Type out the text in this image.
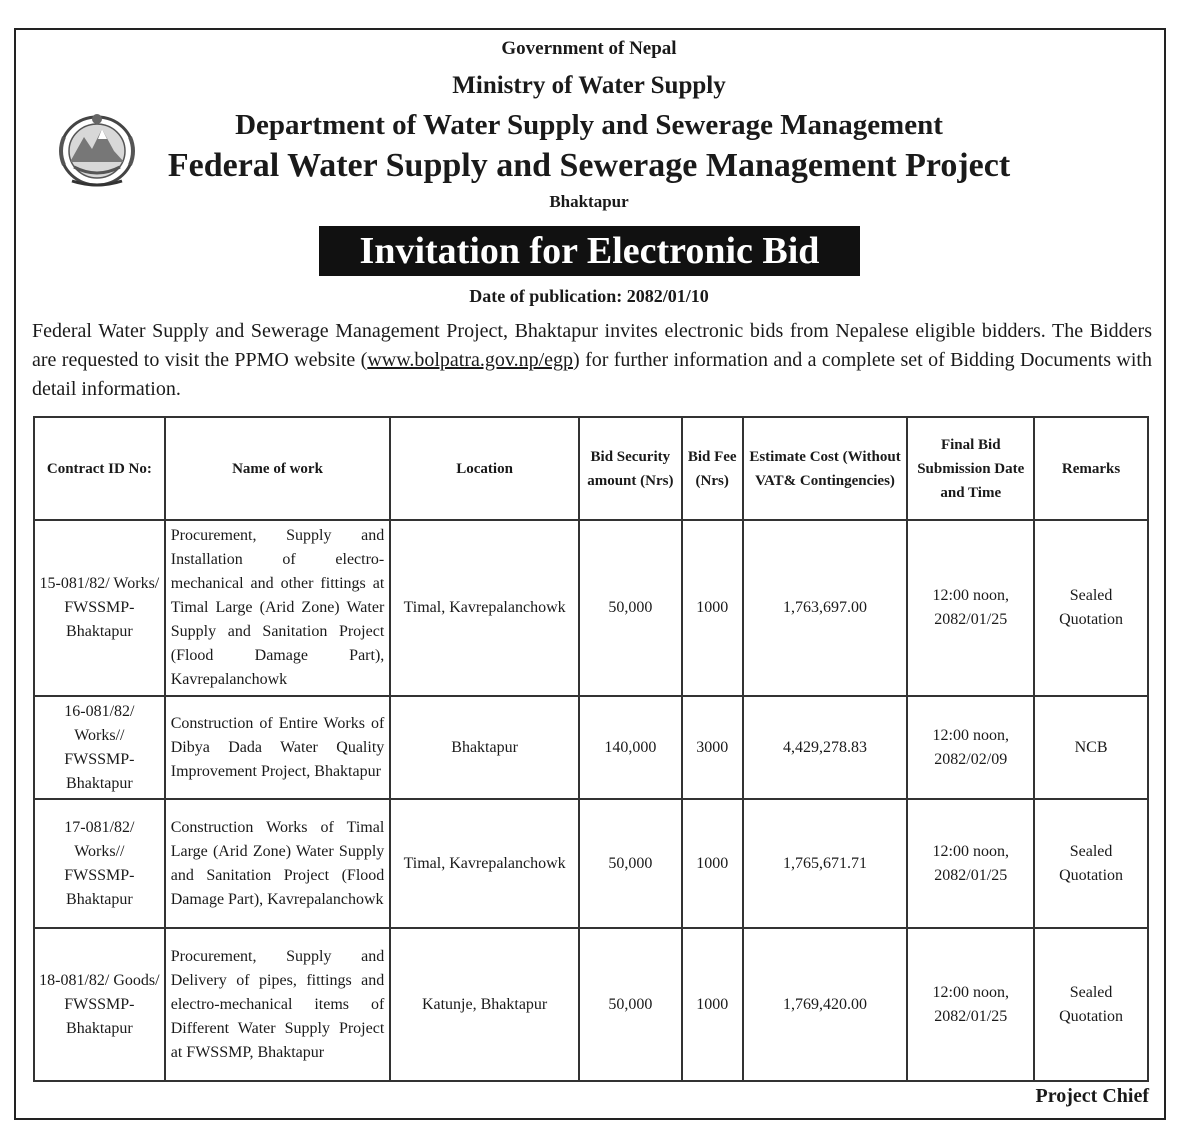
Government of Nepal
Ministry of Water Supply
Department of Water Supply and Sewerage Management
Federal Water Supply and Sewerage Management Project
Bhaktapur
Invitation for Electronic Bid
Date of publication: 2082/01/10

Federal Water Supply and Sewerage Management Project, Bhaktapur invites electronic bids from Nepalese eligible bidders. The Bidders are requested to visit the PPMO website (www.bolpatra.gov.np/egp) for further information and a complete set of Bidding Documents with detail information.

Contract ID No:	Name of work	Location	Bid Security amount (Nrs)	Bid Fee (Nrs)	Estimate Cost (Without VAT& Contingencies)	Final Bid Submission Date and Time	Remarks
15-081/82/ Works/ FWSSMP- Bhaktapur	Procurement, Supply and Installation of electro-mechanical and other fittings at Timal Large (Arid Zone) Water Supply and Sanitation Project (Flood Damage Part), Kavrepalanchowk	Timal, Kavrepalanchowk	50,000	1000	1,763,697.00	12:00 noon, 2082/01/25	Sealed Quotation
16-081/82/ Works// FWSSMP- Bhaktapur	Construction of Entire Works of Dibya Dada Water Quality Improvement Project, Bhaktapur	Bhaktapur	140,000	3000	4,429,278.83	12:00 noon, 2082/02/09	NCB
17-081/82/ Works// FWSSMP- Bhaktapur	Construction Works of Timal Large (Arid Zone) Water Supply and Sanitation Project (Flood Damage Part), Kavrepalanchowk	Timal, Kavrepalanchowk	50,000	1000	1,765,671.71	12:00 noon, 2082/01/25	Sealed Quotation
18-081/82/ Goods/ FWSSMP- Bhaktapur	Procurement, Supply and Delivery of pipes, fittings and electro-mechanical items of Different Water Supply Project at FWSSMP, Bhaktapur	Katunje, Bhaktapur	50,000	1000	1,769,420.00	12:00 noon, 2082/01/25	Sealed Quotation
Project Chief
